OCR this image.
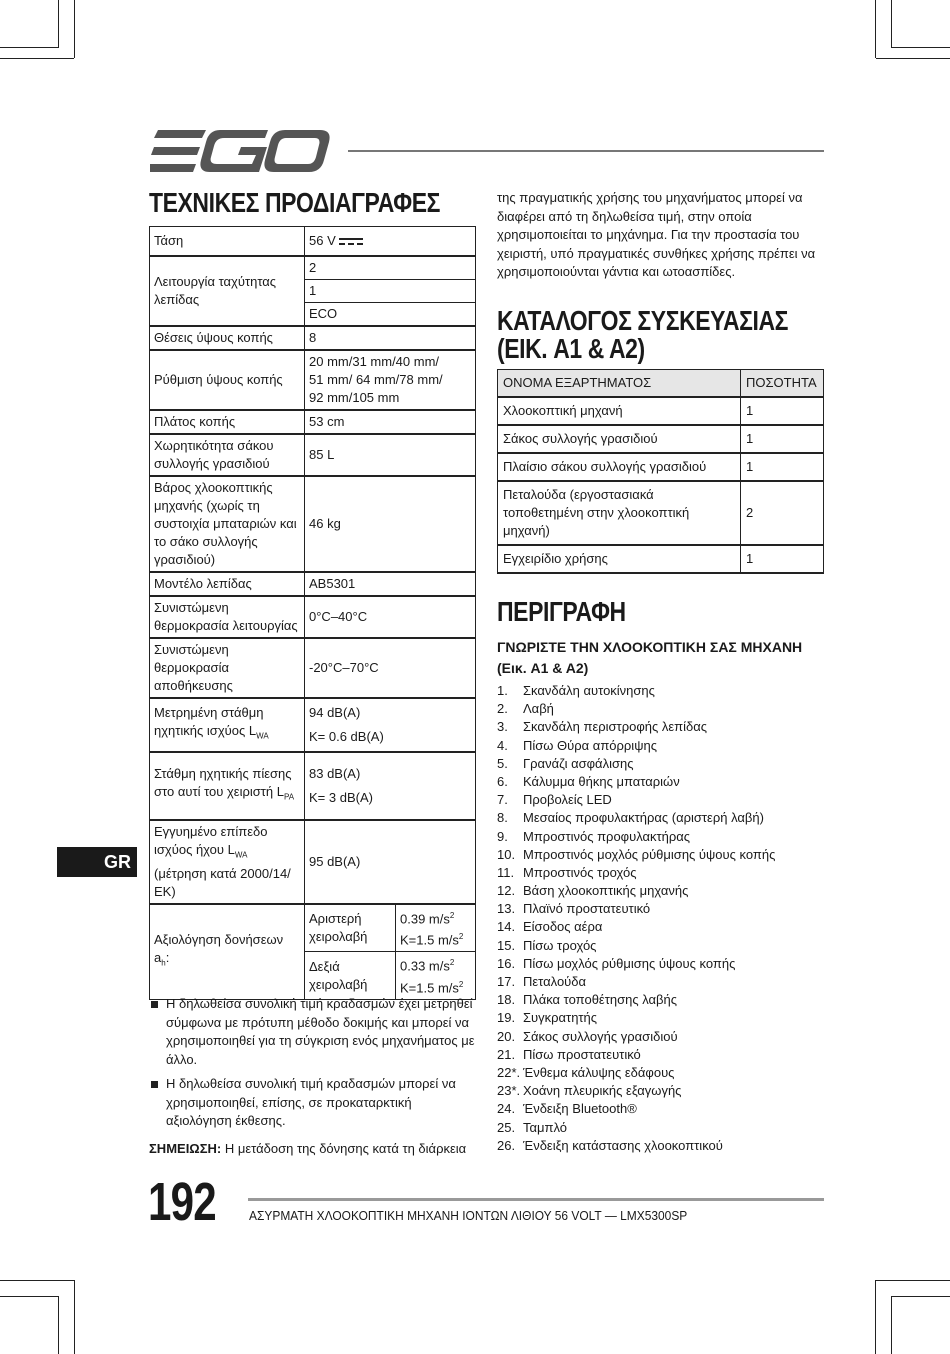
ΤΕΧΝΙΚΕΣ ΠΡΟΔΙΑΓΡΑΦΕΣ
Τάση	56 V	
Λειτουργία ταχύτητας λεπίδας	2	
	1	
	ECO	
Θέσεις ύψους κοπής	8	
Ρύθμιση ύψους κοπής	20 mm/31 mm/40 mm/
51 mm/ 64 mm/78 mm/
92 mm/105 mm	

Πλάτος κοπής	53 cm	
Χωρητικότητα σάκου συλλογής γρασιδιού	85 L	
Βάρος χλοοκοπτικής μηχανής (χωρίς τη συστοιχία μπαταριών και το σάκο συλλογής γρασιδιού)	46 kg	
Μοντέλο λεπίδας	AB5301	
Συνιστώμενη θερμοκρασία λειτουργίας	0°C–40°C	
Συνιστώμενη θερμοκρασία αποθήκευσης	-20°C–70°C	
Μετρημένη στάθμη ηχητικής ισχύος $L_{WA}$	94 dB(A)
K= 0.6 dB(A)	

Στάθμη ηχητικής πίεσης στο αυτί του χειριστή $L_{PA}$	83 dB(A)
K= 3 dB(A)	

Εγγυημένο επίπεδο ισχύος ήχου $L_{WA}$ (μέτρηση κατά 2000/14/ΕΚ)	95 dB(A)	
Αξιολόγηση δονήσεων $a_h$:	Αριστερή χειρολαβή	0.39 $m/s^2$
K=1.5 $m/s^2$

	Δεξιά χειρολαβή	0.33 $m/s^2$
K=1.5 $m/s^2$
Η δηλωθείσα συνολική τιμή κραδασμών έχει μετρηθεί σύμφωνα με πρότυπη μέθοδο δοκιμής και μπορεί να χρησιμοποιηθεί για τη σύγκριση ενός μηχανήματος με άλλο.
Η δηλωθείσα συνολική τιμή κραδασμών μπορεί να χρησιμοποιηθεί, επίσης, σε προκαταρκτική αξιολόγηση έκθεσης.
ΣΗΜΕΙΩΣΗ: Η μετάδοση της δόνησης κατά τη διάρκεια
της πραγματικής χρήσης του μηχανήματος μπορεί να διαφέρει από τη δηλωθείσα τιμή, στην οποία χρησιμοποιείται το μηχάνημα. Για την προστασία του χειριστή, υπό πραγματικές συνθήκες χρήσης πρέπει να χρησιμοποιούνται γάντια και ωτοασπίδες.
ΚΑΤΑΛΟΓΟΣ ΣΥΣΚΕΥΑΣΙΑΣ
(ΕΙΚ. A1 & A2)
ΟΝΟΜΑ ΕΞΑΡΤΗΜΑΤΟΣ	ΠΟΣΟΤΗΤΑ
Χλοοκοπτική μηχανή	1
Σάκος συλλογής γρασιδιού	1
Πλαίσιο σάκου συλλογής γρασιδιού	1
Πεταλούδα (εργοστασιακά τοποθετημένη στην χλοοκοπτική μηχανή)	2
Εγχειρίδιο χρήσης	1
ΠΕΡΙΓΡΑΦΗ
ΓΝΩΡΙΣΤΕ ΤΗΝ ΧΛΟΟΚΟΠΤΙΚΗ ΣΑΣ ΜΗΧΑΝΗ
(Εικ. A1 & A2)
1. Σκανδάλη αυτοκίνησης
2. Λαβή
3. Σκανδάλη περιστροφής λεπίδας
4. Πίσω Θύρα απόρριψης
5. Γρανάζι ασφάλισης
6. Κάλυμμα θήκης μπαταριών
7. Προβολείς LED
8. Μεσαίος προφυλακτήρας (αριστερή λαβή)
9. Μπροστινός προφυλακτήρας
10. Μπροστινός μοχλός ρύθμισης ύψους κοπής
11. Μπροστινός τροχός
12. Βάση χλοοκοπτικής μηχανής
13. Πλαϊνό προστατευτικό
14. Είσοδος αέρα
15. Πίσω τροχός
16. Πίσω μοχλός ρύθμισης ύψους κοπής
17. Πεταλούδα
18. Πλάκα τοποθέτησης λαβής
19. Συγκρατητής
20. Σάκος συλλογής γρασιδιού
21. Πίσω προστατευτικό
22*. Ένθεμα κάλυψης εδάφους
23*. Χοάνη πλευρικής εξαγωγής
24. Ένδειξη Bluetooth®
25. Ταμπλό
26. Ένδειξη κατάστασης χλοοκοπτικού
GR
192	ΑΣΥΡΜΑΤΗ ΧΛΟΟΚΟΠΤΙΚΗ ΜΗΧΑΝΗ ΙΟΝΤΩΝ ΛΙΘΙΟΥ 56 VOLT — LMX5300SP
